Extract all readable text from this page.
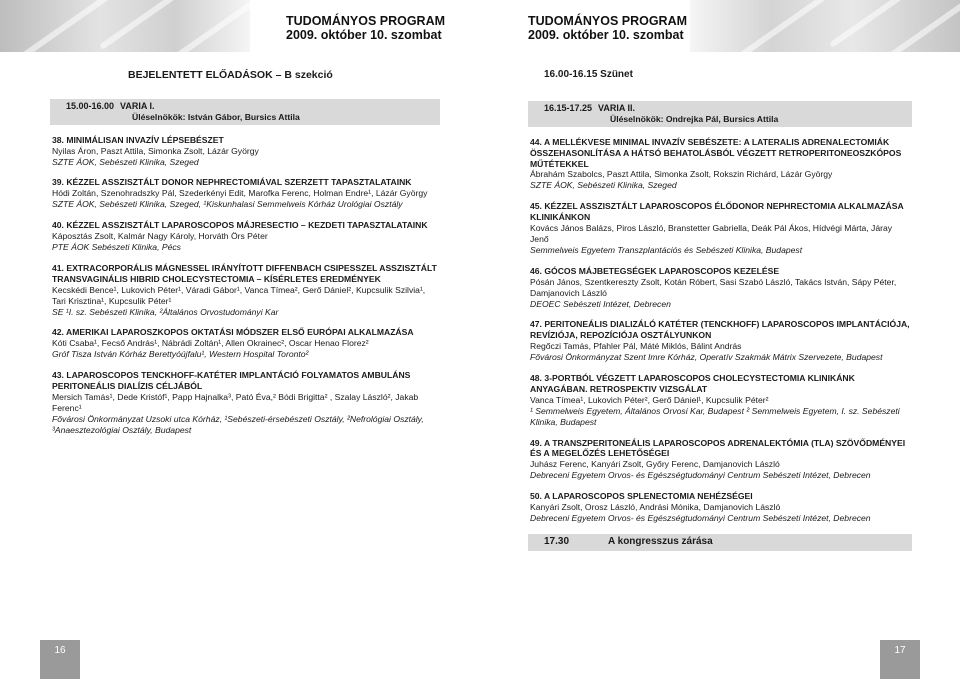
TUDOMÁNYOS PROGRAM
2009. október 10. szombat
TUDOMÁNYOS PROGRAM
2009. október 10. szombat
BEJELENTETT ELŐADÁSOK – B szekció
15.00-16.00 VARIA I.
Üléselnökök: István Gábor, Bursics Attila
38. MINIMÁLISAN INVAZÍV LÉPSEBÉSZET
Nyilas Áron, Paszt Attila, Simonka Zsolt, Lázár György
SZTE ÁOK, Sebészeti Klinika, Szeged
39. KÉZZEL ASSZISZTÁLT DONOR NEPHRECTOMIÁVAL SZERZETT TAPASZTALATAINK
Hódi Zoltán, Szenohradszky Pál, Szederkényi Edit, Marofka Ferenc, Holman Endre¹, Lázár György
SZTE ÁOK, Sebészeti Klinika, Szeged, ¹Kiskunhalasi Semmelweis Kórház Urológiai Osztály
40. KÉZZEL ASSZISZTÁLT LAPAROSCOPOS MÁJRESECTIO – KEZDETI TAPASZTALATAINK
Káposztás Zsolt, Kalmár Nagy Károly, Horváth Örs Péter
PTE ÁOK Sebészeti Klinika, Pécs
41. EXTRACORPORÁLIS MÁGNESSEL IRÁNYÍTOTT DIFFENBACH CSIPESSZEL ASSZISZTÁLT TRANSVAGINÁLIS HIBRID CHOLECYSTECTOMIA – KÍSÉRLETES EREDMÉNYEK
Kecskédi Bence¹, Lukovich Péter¹, Váradi Gábor¹, Vanca Tímea², Gerő Dániel², Kupcsulik Szilvia¹, Tari Krisztina¹, Kupcsulik Péter¹
SE ¹I. sz. Sebészeti Klinika, ²Általános Orvostudományi Kar
42. AMERIKAI LAPAROSZKOPOS OKTATÁSI MÓDSZER ELSŐ EURÓPAI ALKALMAZÁSA
Kóti Csaba¹, Fecső András¹, Nábrádi Zoltán¹, Allen Okrainec², Oscar Henao Florez²
Gróf Tisza István Kórház Berettyóújfalu¹, Western Hospital Toronto²
43. LAPAROSCOPOS TENCKHOFF-KATÉTER IMPLANTÁCIÓ FOLYAMATOS AMBULÁNS PERITONEÁLIS DIALÍZIS CÉLJÁBÓL
Mersich Tamás¹, Dede Kristóf¹, Papp Hajnalka³, Pató Éva,² Bódi Brigitta² , Szalay László², Jakab Ferenc¹
Fővárosi Önkormányzat Uzsoki utca Kórház, ¹Sebészeti-érsebészeti Osztály, ²Nefrológiai Osztály, ³Anaesztezológiai Osztály, Budapest
16.00-16.15 Szünet
16.15-17.25 VARIA II.
Üléselnökök: Ondrejka Pál, Bursics Attila
44. A MELLÉKVESE MINIMAL INVAZÍV SEBÉSZETE: A LATERALIS ADRENALECTOMIÁK ÖSSZEHASONLÍTÁSA A HÁTSÓ BEHATOLÁSBÓL VÉGZETT RETROPERITONEOSZKÓPOS MŰTÉTEKKEL
Ábrahám Szabolcs, Paszt Attila, Simonka Zsolt, Rokszin Richárd, Lázár György
SZTE ÁOK, Sebészeti Klinika, Szeged
45. KÉZZEL ASSZISZTÁLT LAPAROSCOPOS ÉLŐDONOR NEPHRECTOMIA ALKALMAZÁSA KLINIKÁNKON
Kovács János Balázs, Piros László, Branstetter Gabriella, Deák Pál Ákos, Hídvégi Márta, Járay Jenő
Semmelweis Egyetem Transzplantációs és Sebészeti Klinika, Budapest
46. GÓCOS MÁJBETEGSÉGEK LAPAROSCOPOS KEZELÉSE
Pósán János, Szentkereszty Zsolt, Kotán Róbert, Sasi Szabó László, Takács István, Sápy Péter, Damjanovich László
DEOEC Sebészeti Intézet, Debrecen
47. PERITONEÁLIS DIALIZÁLÓ KATÉTER (TENCKHOFF) LAPAROSCOPOS IMPLANTÁCIÓJA, REVÍZIÓJA, REPOZÍCIÓJA OSZTÁLYUNKON
Regőczi Tamás, Pfahler Pál, Máté Miklós, Bálint András
Fővárosi Önkormányzat Szent Imre Kórház, Operatív Szakmák Mátrix Szervezete, Budapest
48. 3-PORTBÓL VÉGZETT LAPAROSCOPOS CHOLECYSTECTOMIA KLINIKÁNK ANYAGÁBAN. RETROSPEKTIV VIZSGÁLAT
Vanca Tímea¹, Lukovich Péter², Gerő Dániel¹, Kupcsulik Péter²
¹ Semmelweis Egyetem, Általános Orvosi Kar, Budapest ² Semmelweis Egyetem, I. sz. Sebészeti Klinika, Budapest
49. A TRANSZPERITONEÁLIS LAPAROSCOPOS ADRENALEKTÓMIA (TLA) SZÖVŐDMÉNYEI ÉS A MEGELŐZÉS LEHETŐSÉGEI
Juhász Ferenc, Kanyári Zsolt, Győry Ferenc, Damjanovich László
Debreceni Egyetem Orvos- és Egészségtudományi Centrum Sebészeti Intézet, Debrecen
50. A LAPAROSCOPOS SPLENECTOMIA NEHÉZSÉGEI
Kanyári Zsolt, Orosz László, Andrási Mónika, Damjanovich László
Debreceni Egyetem Orvos- és Egészségtudományi Centrum Sebészeti Intézet, Debrecen
17.30	A kongresszus zárása
16	17
